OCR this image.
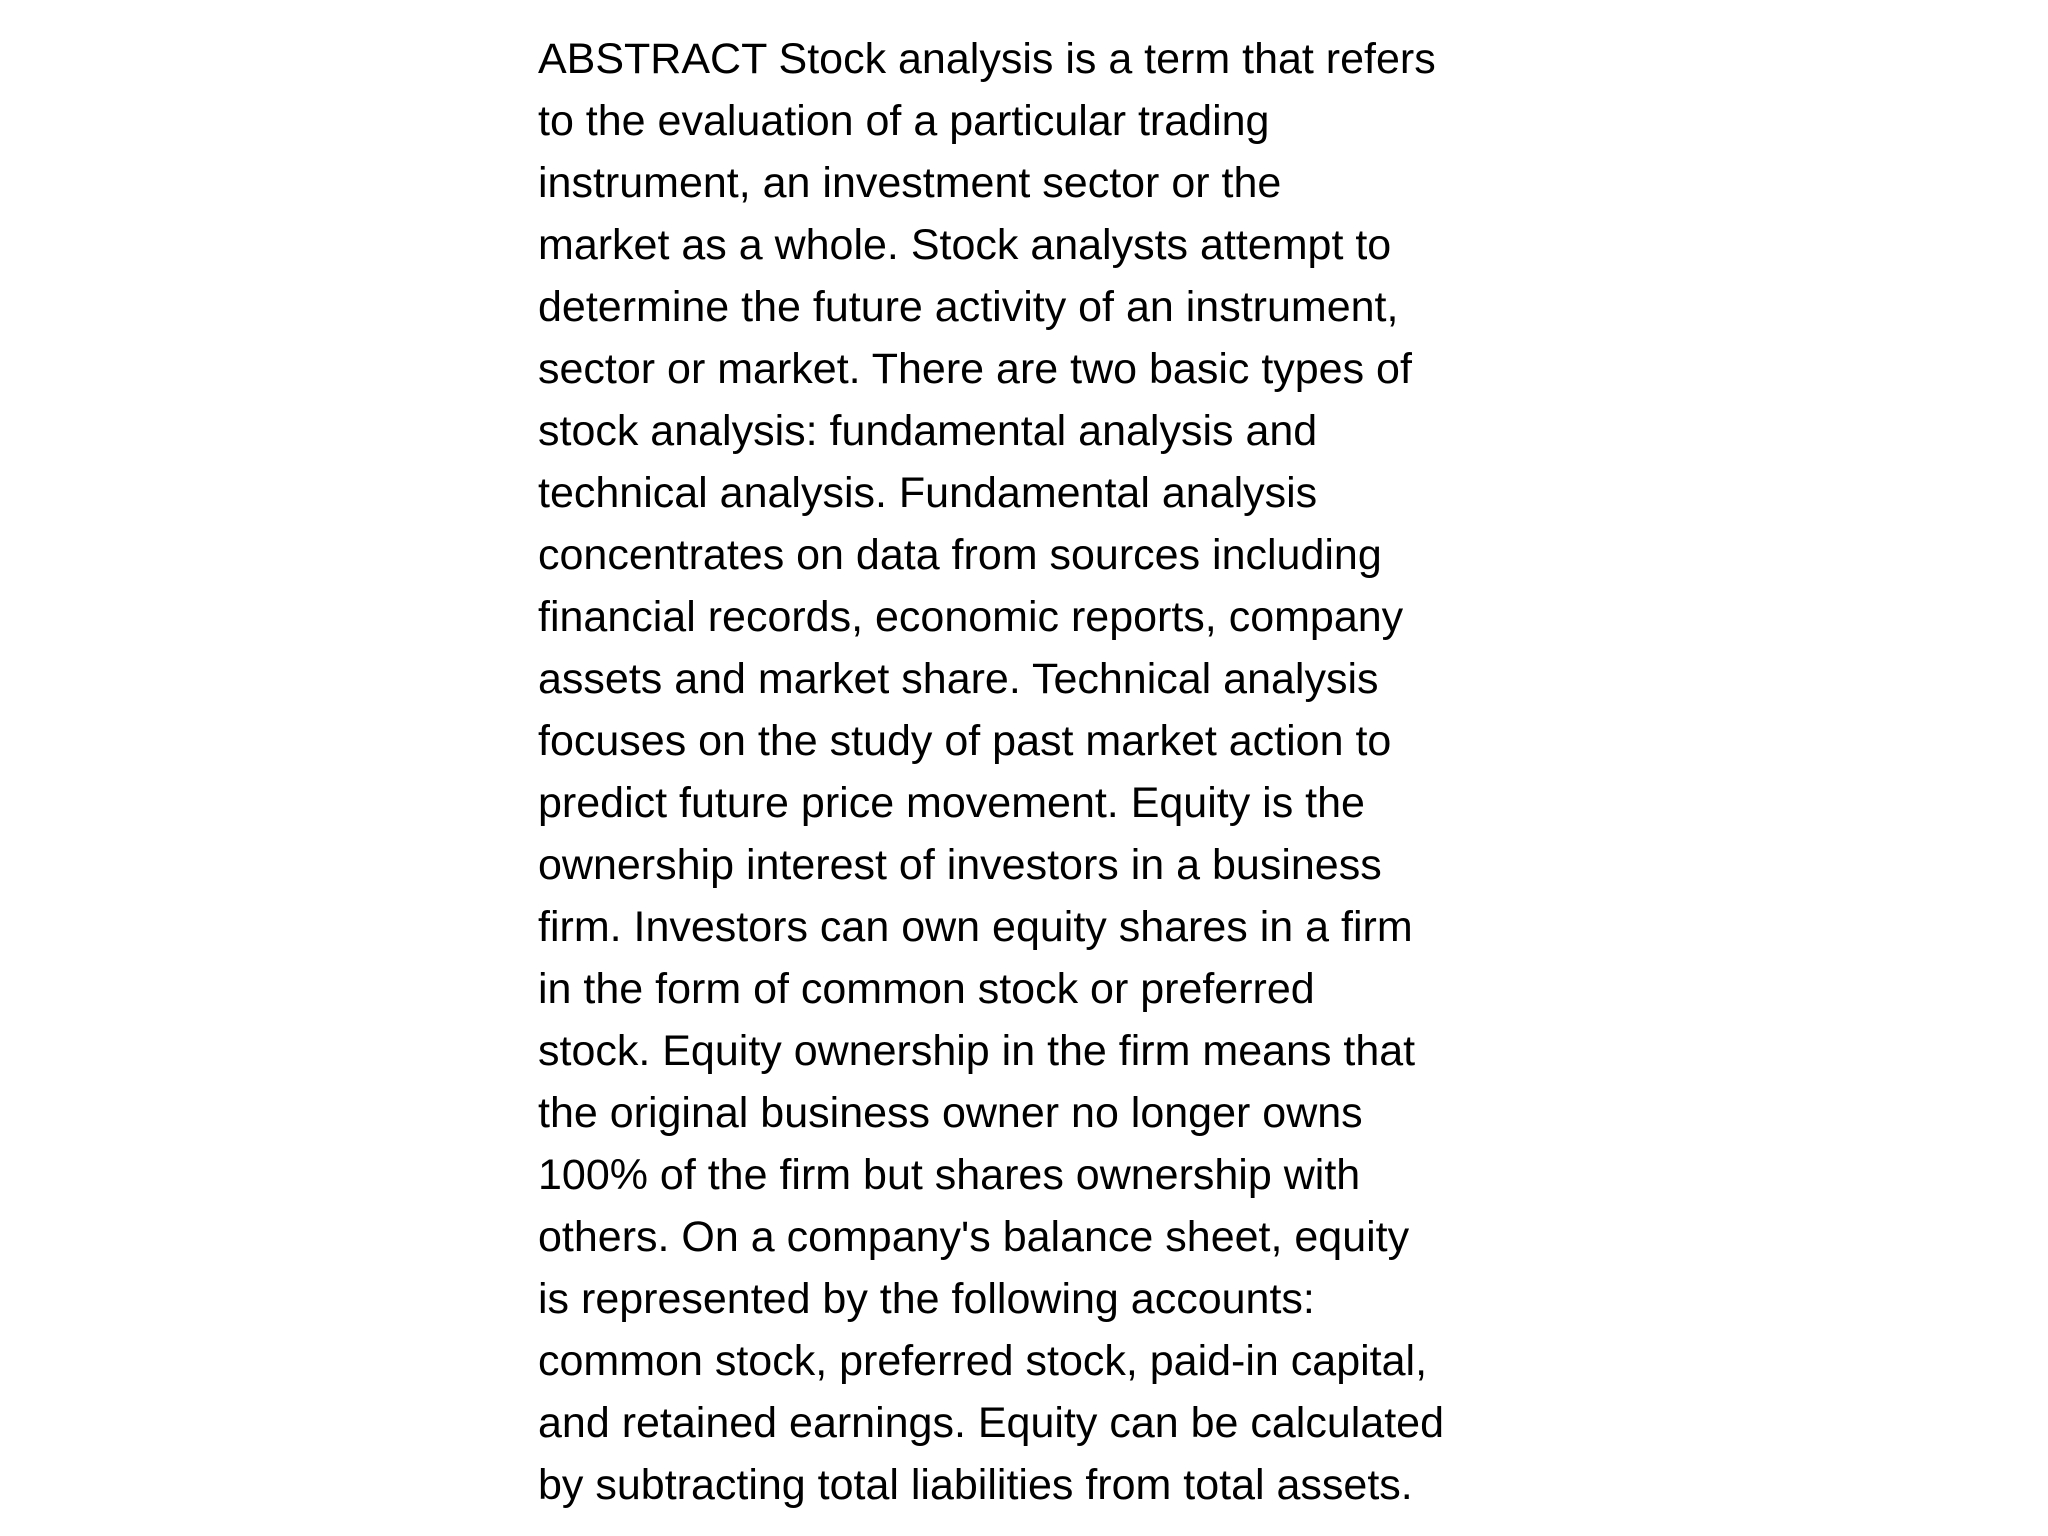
ABSTRACT Stock analysis is a term that refers
to the evaluation of a particular trading
instrument, an investment sector or the
market as a whole. Stock analysts attempt to
determine the future activity of an instrument,
sector or market. There are two basic types of
stock analysis: fundamental analysis and
technical analysis. Fundamental analysis
concentrates on data from sources including
financial records, economic reports, company
assets and market share. Technical analysis
focuses on the study of past market action to
predict future price movement. Equity is the
ownership interest of investors in a business
firm. Investors can own equity shares in a firm
in the form of common stock or preferred
stock. Equity ownership in the firm means that
the original business owner no longer owns
100% of the firm but shares ownership with
others. On a company's balance sheet, equity
is represented by the following accounts:
common stock, preferred stock, paid-in capital,
and retained earnings. Equity can be calculated
by subtracting total liabilities from total assets.
